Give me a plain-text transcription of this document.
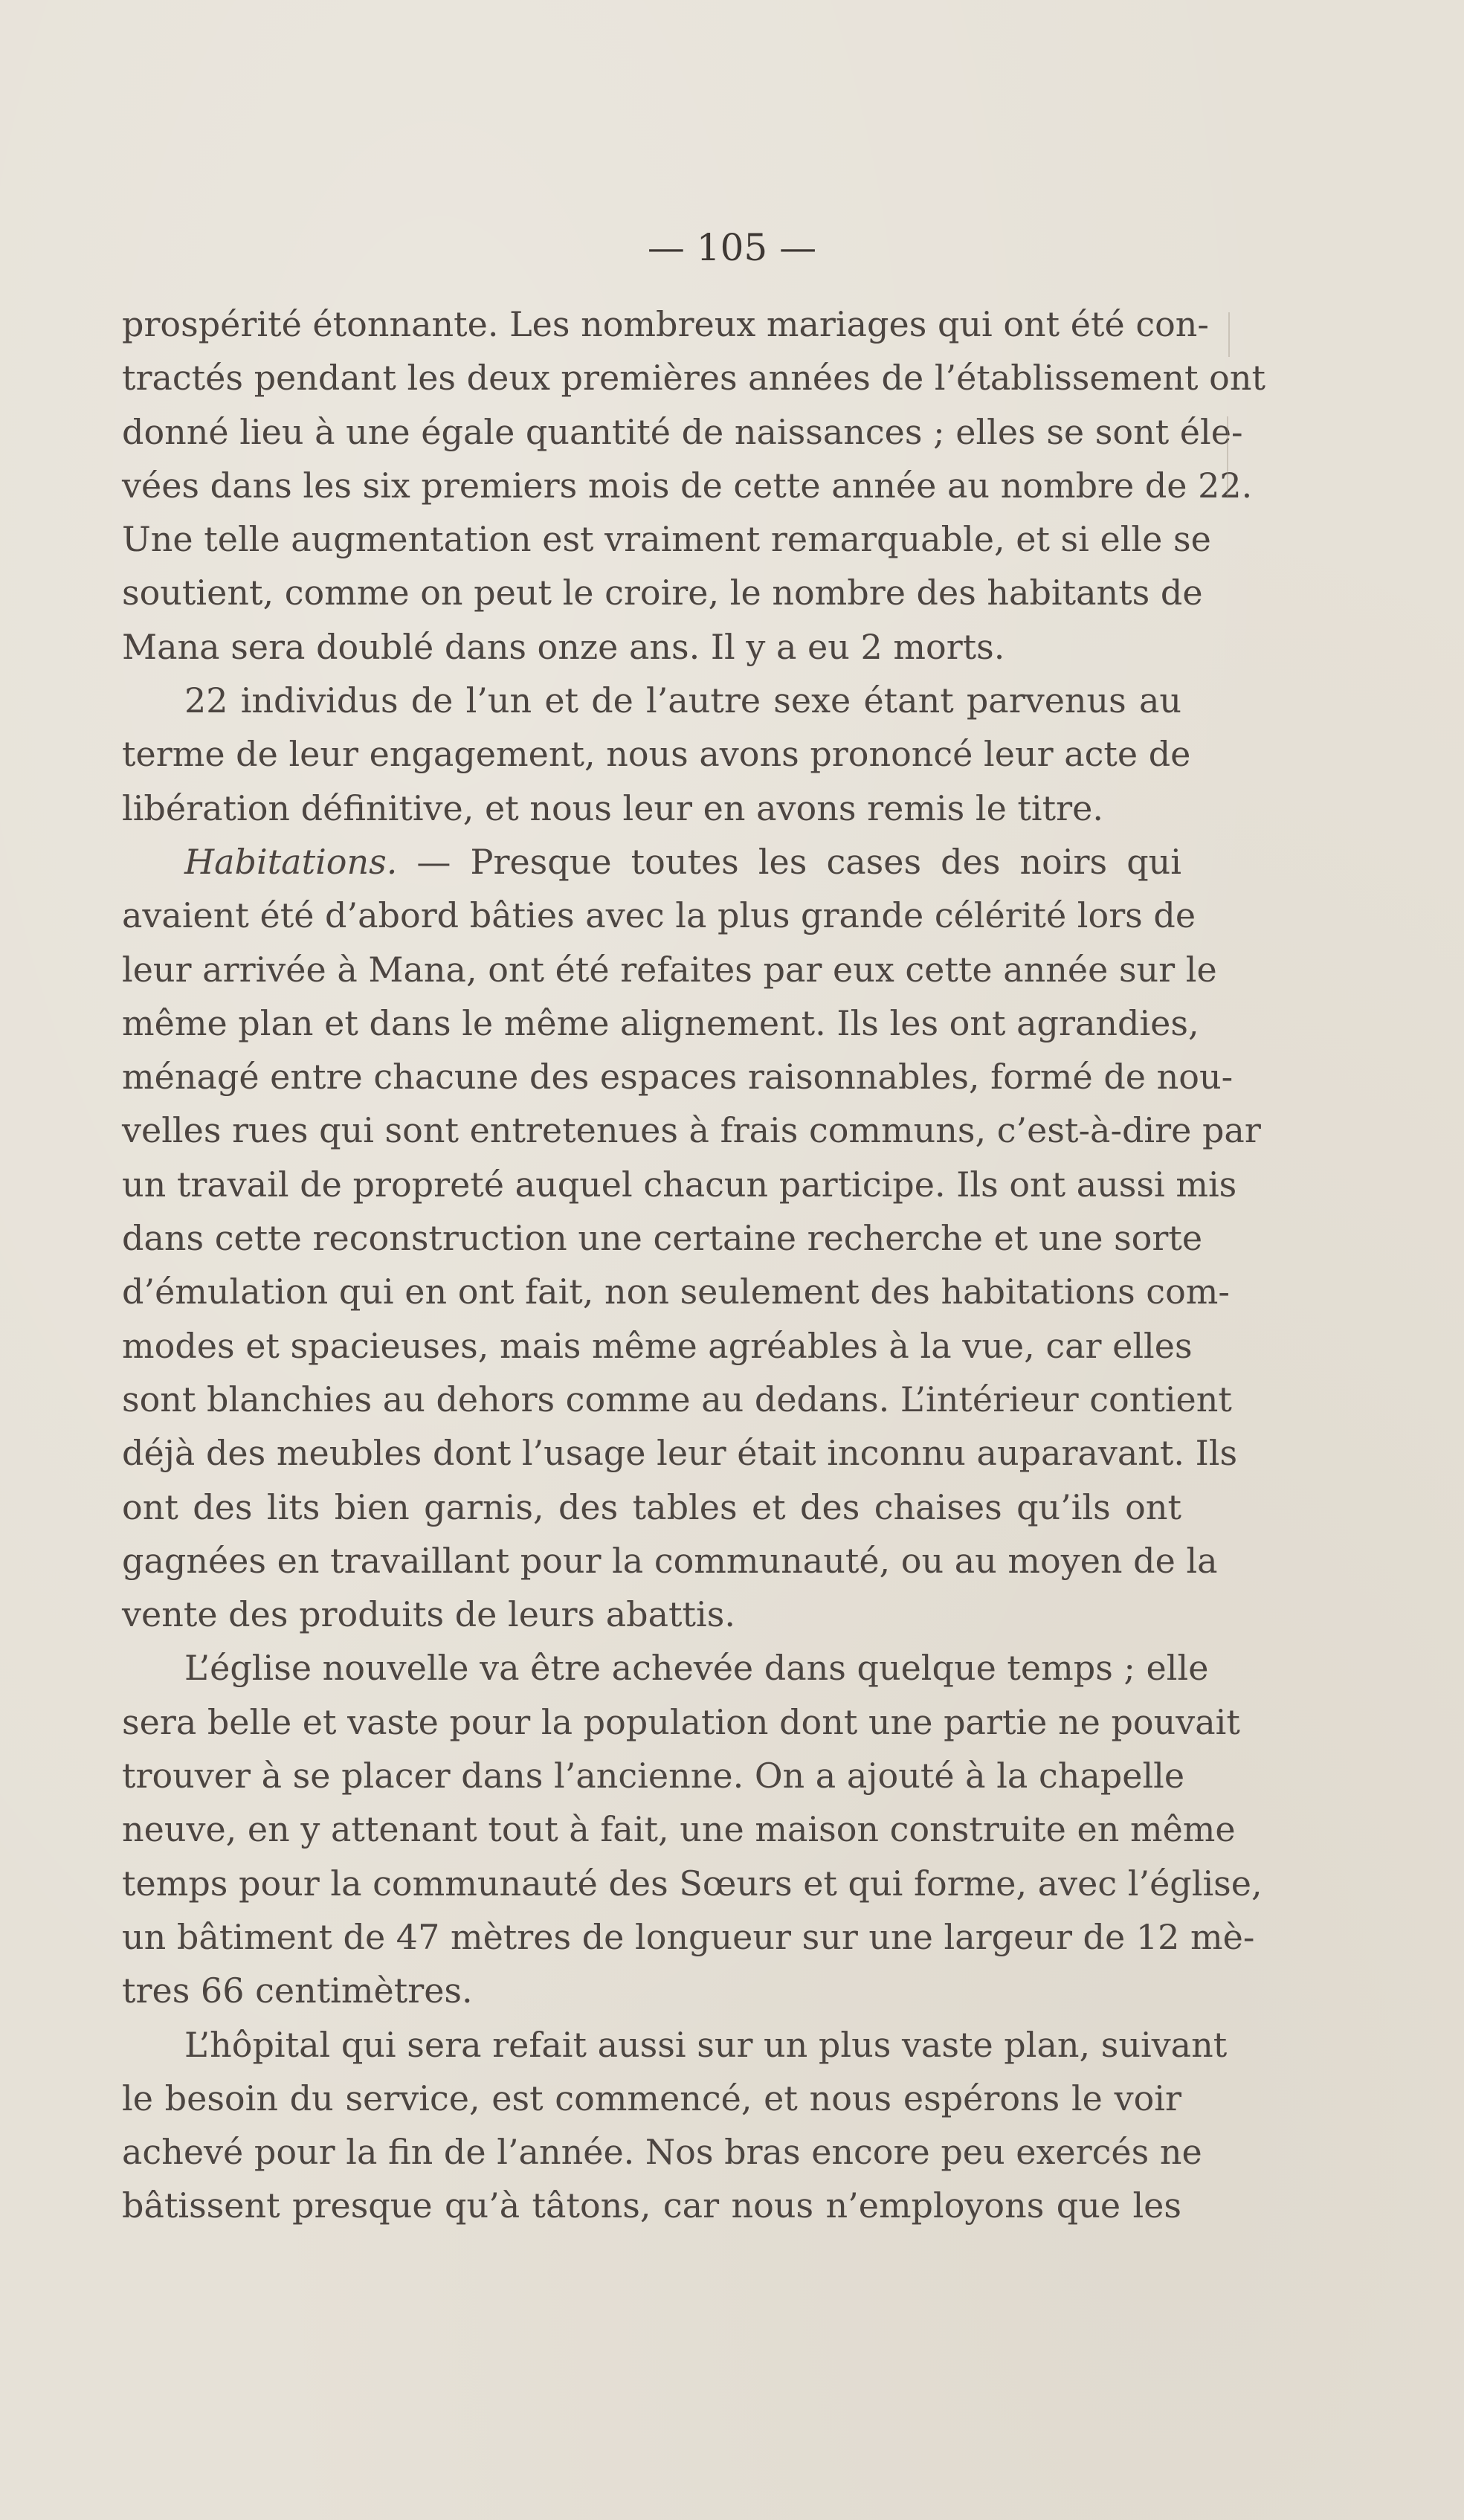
— 105 —
prospérité étonnante. Les nombreux mariages qui ont été con-
tractés pendant les deux premières années de l’établissement ont
donné lieu à une égale quantité de naissances ; elles se sont éle-
vées dans les six premiers mois de cette année au nombre de 22.
Une telle augmentation est vraiment remarquable, et si elle se
soutient, comme on peut le croire, le nombre des habitants de
Mana sera doublé dans onze ans. Il y a eu 2 morts.
22 individus de l’un et de l’autre sexe étant parvenus au
terme de leur engagement, nous avons prononcé leur acte de
libération définitive, et nous leur en avons remis le titre.
Habitations. — Presque toutes les cases des noirs qui
avaient été d’abord bâties avec la plus grande célérité lors de
leur arrivée à Mana, ont été refaites par eux cette année sur le
même plan et dans le même alignement. Ils les ont agrandies,
ménagé entre chacune des espaces raisonnables, formé de nou-
velles rues qui sont entretenues à frais communs, c’est-à-dire par
un travail de propreté auquel chacun participe. Ils ont aussi mis
dans cette reconstruction une certaine recherche et une sorte
d’émulation qui en ont fait, non seulement des habitations com-
modes et spacieuses, mais même agréables à la vue, car elles
sont blanchies au dehors comme au dedans. L’intérieur contient
déjà des meubles dont l’usage leur était inconnu auparavant. Ils
ont des lits bien garnis, des tables et des chaises qu’ils ont
gagnées en travaillant pour la communauté, ou au moyen de la
vente des produits de leurs abattis.
L’église nouvelle va être achevée dans quelque temps ; elle
sera belle et vaste pour la population dont une partie ne pouvait
trouver à se placer dans l’ancienne. On a ajouté à la chapelle
neuve, en y attenant tout à fait, une maison construite en même
temps pour la communauté des Sœurs et qui forme, avec l’église,
un bâtiment de 47 mètres de longueur sur une largeur de 12 mè-
tres 66 centimètres.
L’hôpital qui sera refait aussi sur un plus vaste plan, suivant
le besoin du service, est commencé, et nous espérons le voir
achevé pour la fin de l’année. Nos bras encore peu exercés ne
bâtissent presque qu’à tâtons, car nous n’employons que les
